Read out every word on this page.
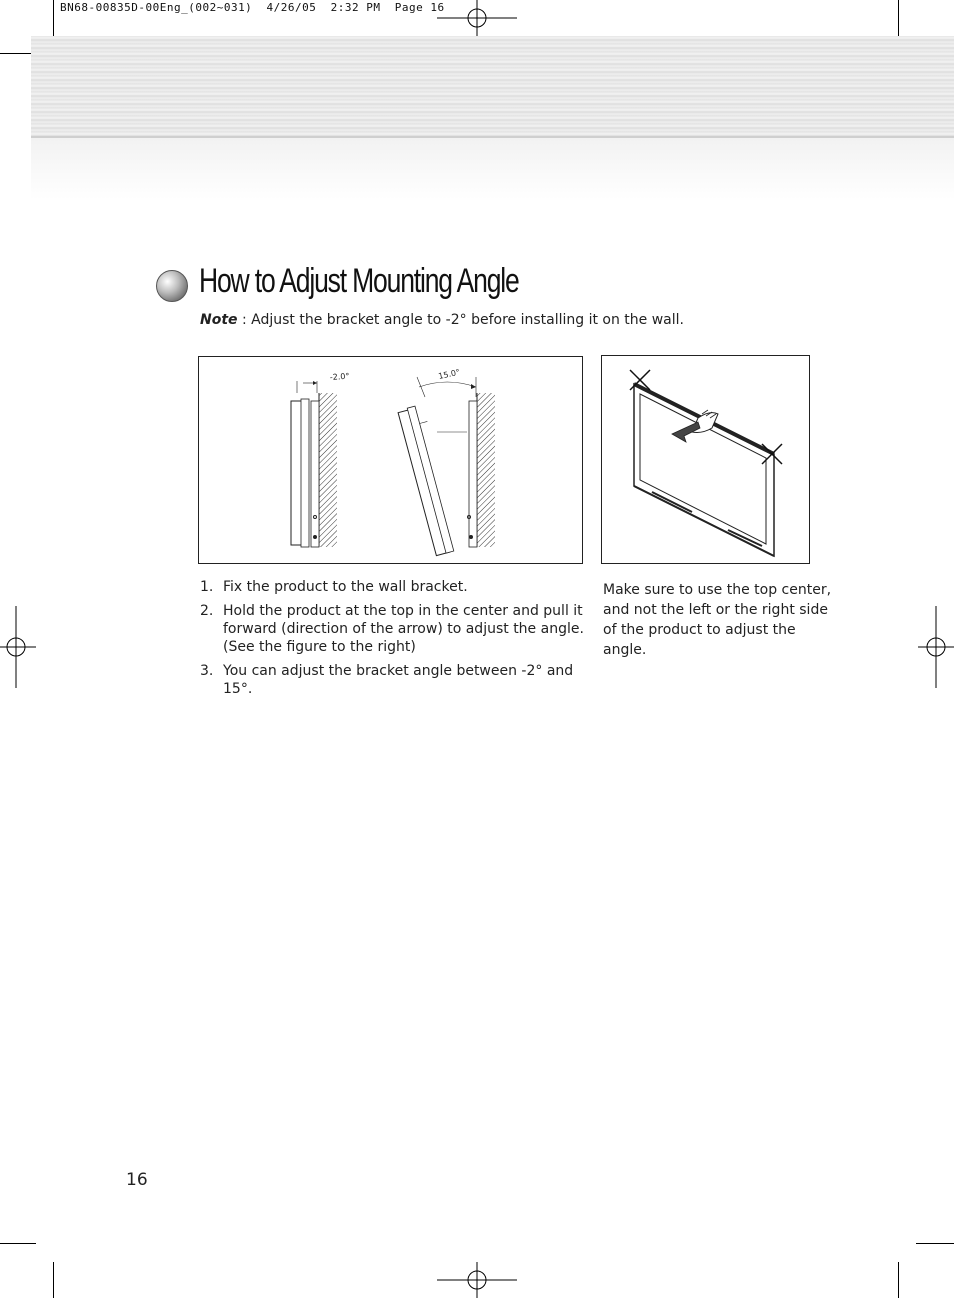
BN68-00835D-00Eng_(002~031)  4/26/05  2:32 PM  Page 16
How to Adjust Mounting Angle
Note : Adjust the bracket angle to -2° before installing it on the wall.
-2.0°	15.0°
1. Fix the product to the wall bracket.
2. Hold the product at the top in the center and pull it forward (direction of the arrow) to adjust the angle. (See the figure to the right)
3. You can adjust the bracket angle between -2° and 15°.
Make sure to use the top center, and not the left or the right side of the product to adjust the angle.
16
